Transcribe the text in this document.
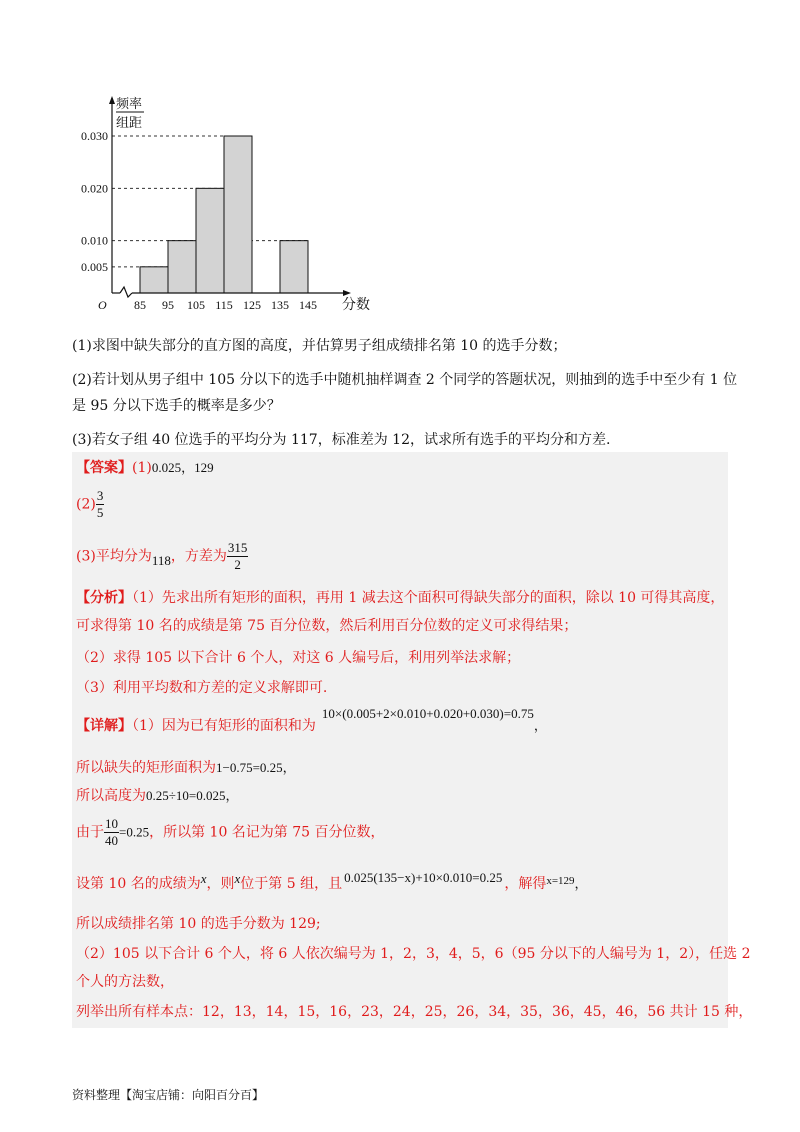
0.030
0.020
0.010
0.005
85 95 105 115 125 135 145
O
频率
组距
分数
(1)求图中缺失部分的直方图的高度，并估算男子组成绩排名第 10 的选手分数；
(2)若计划从男子组中 105 分以下的选手中随机抽样调查 2 个同学的答题状况，则抽到的选手中至少有 1 位
是 95 分以下选手的概率是多少？
(3)若女子组 40 位选手的平均分为 117，标准差为 12，试求所有选手的平均分和方差.
【答案】(1)0.025，129
$(2) \frac{3}{5}$
(3)平均分为118，方差为 $\frac{315}{2}$
【分析】（1）先求出所有矩形的面积，再用 1 减去这个面积可得缺失部分的面积，除以 10 可得其高度，
可求得第 10 名的成绩是第 75 百分位数，然后利用百分位数的定义可求得结果；
（2）求得 105 以下合计 6 个人，对这 6 人编号后，利用列举法求解；
（3）利用平均数和方差的定义求解即可.
【详解】（1）因为已有矩形的面积和为10×(0.005+2×0.010+0.020+0.030)=0.75，
所以缺失的矩形面积为1−0.75=0.25，
所以高度为0.25÷10=0.025，
由于 $\frac{10}{40} =0.25$，所以第 10 名记为第 75 百分位数，
设第 10 名的成绩为x，则x位于第 5 组，且 0.025(135−x)+10×0.010=0.25 ，解得$^{x=129}$，
所以成绩排名第 10 的选手分数为 129;
（2）105 以下合计 6 个人，将 6 人依次编号为 1，2，3，4，5，6（95 分以下的人编号为 1，2），任选 2
个人的方法数，
列举出所有样本点：12，13，14，15，16，23，24，25，26，34，35，36，45，46，56 共计 15 种，
资料整理【淘宝店铺：向阳百分百】
